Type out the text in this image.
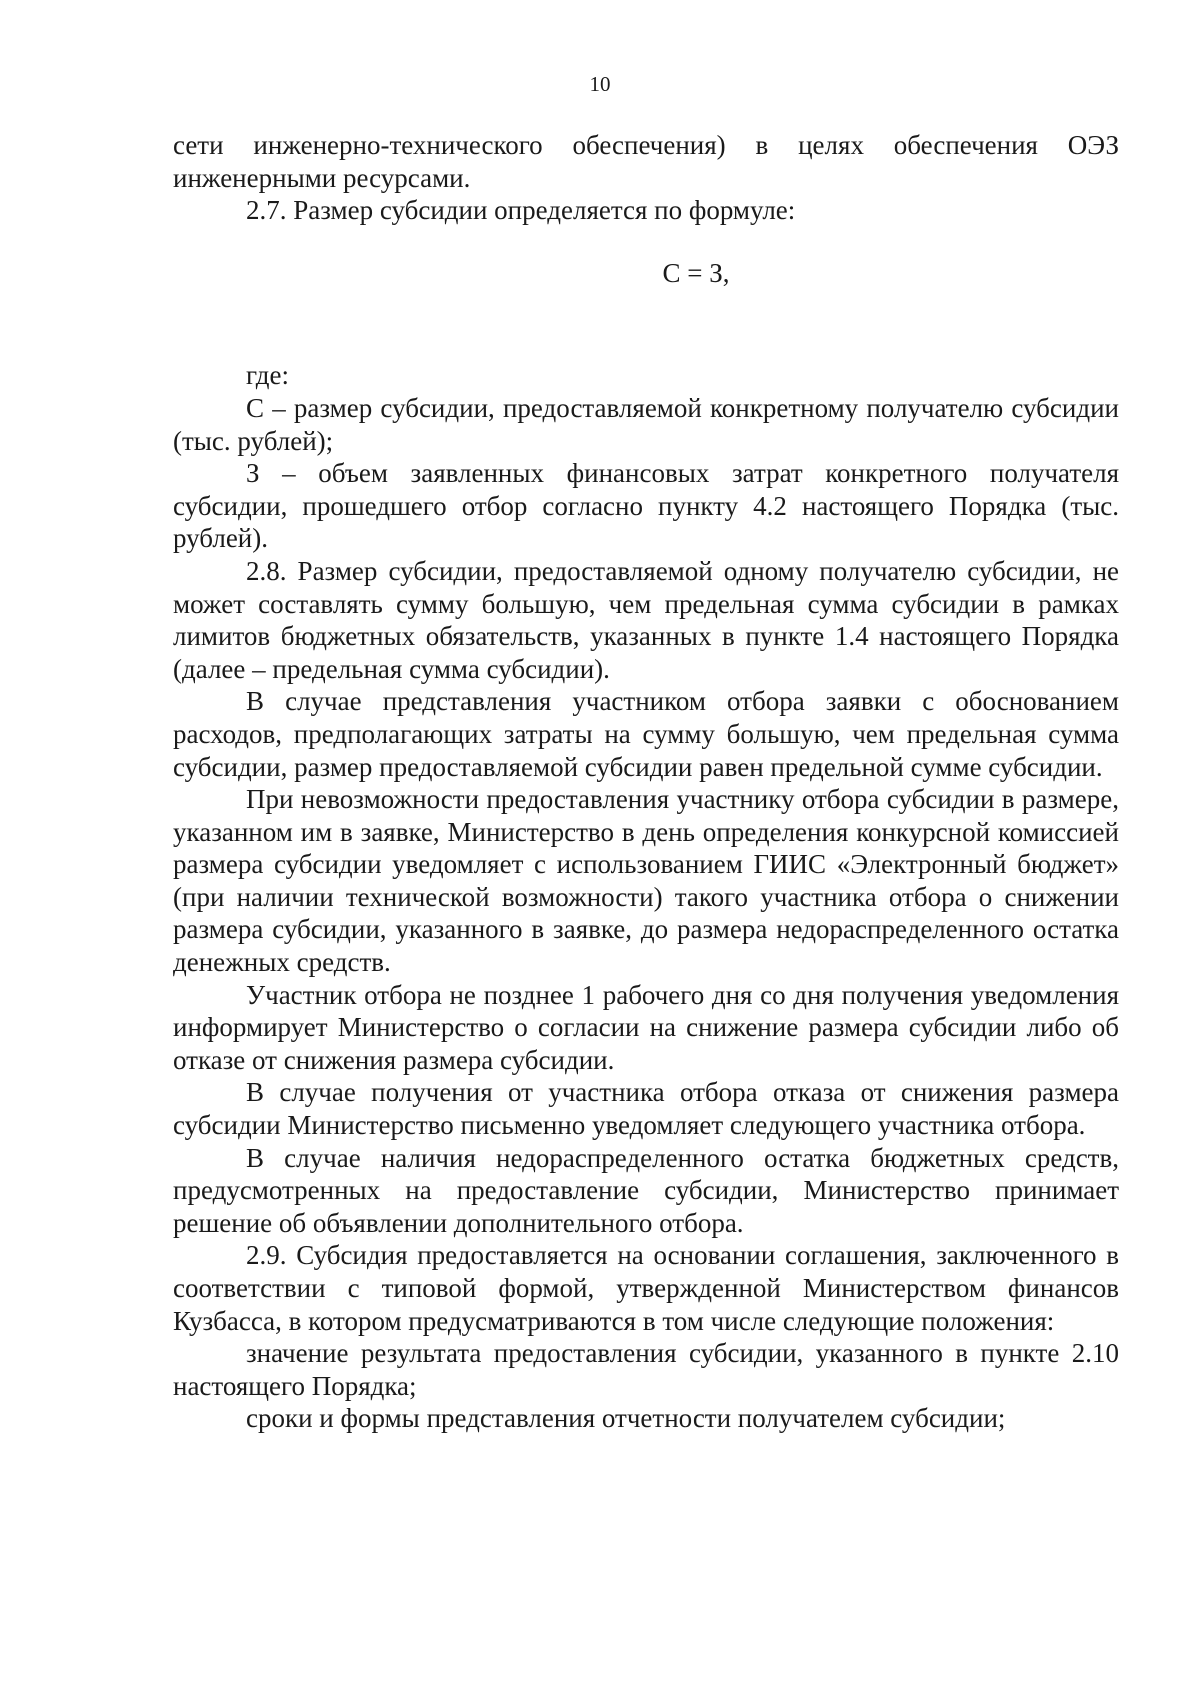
10

сети инженерно-технического обеспечения) в целях обеспечения ОЭЗ инженерными ресурсами.

2.7. Размер субсидии определяется по формуле:

С = З,

где:

С – размер субсидии, предоставляемой конкретному получателю субсидии (тыс. рублей);

З – объем заявленных финансовых затрат конкретного получателя субсидии, прошедшего отбор согласно пункту 4.2 настоящего Порядка (тыс. рублей).

2.8. Размер субсидии, предоставляемой одному получателю субсидии, не может составлять сумму большую, чем предельная сумма субсидии в рамках лимитов бюджетных обязательств, указанных в пункте 1.4 настоящего Порядка (далее – предельная сумма субсидии).

В случае представления участником отбора заявки с обоснованием расходов, предполагающих затраты на сумму большую, чем предельная сумма субсидии, размер предоставляемой субсидии равен предельной сумме субсидии.

При невозможности предоставления участнику отбора субсидии в размере, указанном им в заявке, Министерство в день определения конкурсной комиссией размера субсидии уведомляет с использованием ГИИС «Электронный бюджет» (при наличии технической возможности) такого участника отбора о снижении размера субсидии, указанного в заявке, до размера недораспределенного остатка денежных средств.

Участник отбора не позднее 1 рабочего дня со дня получения уведомления информирует Министерство о согласии на снижение размера субсидии либо об отказе от снижения размера субсидии.

В случае получения от участника отбора отказа от снижения размера субсидии Министерство письменно уведомляет следующего участника отбора.

В случае наличия недораспределенного остатка бюджетных средств, предусмотренных на предоставление субсидии, Министерство принимает решение об объявлении дополнительного отбора.

2.9. Субсидия предоставляется на основании соглашения, заключенного в соответствии с типовой формой, утвержденной Министерством финансов Кузбасса, в котором предусматриваются в том числе следующие положения:

значение результата предоставления субсидии, указанного в пункте 2.10 настоящего Порядка;

сроки и формы представления отчетности получателем субсидии;
